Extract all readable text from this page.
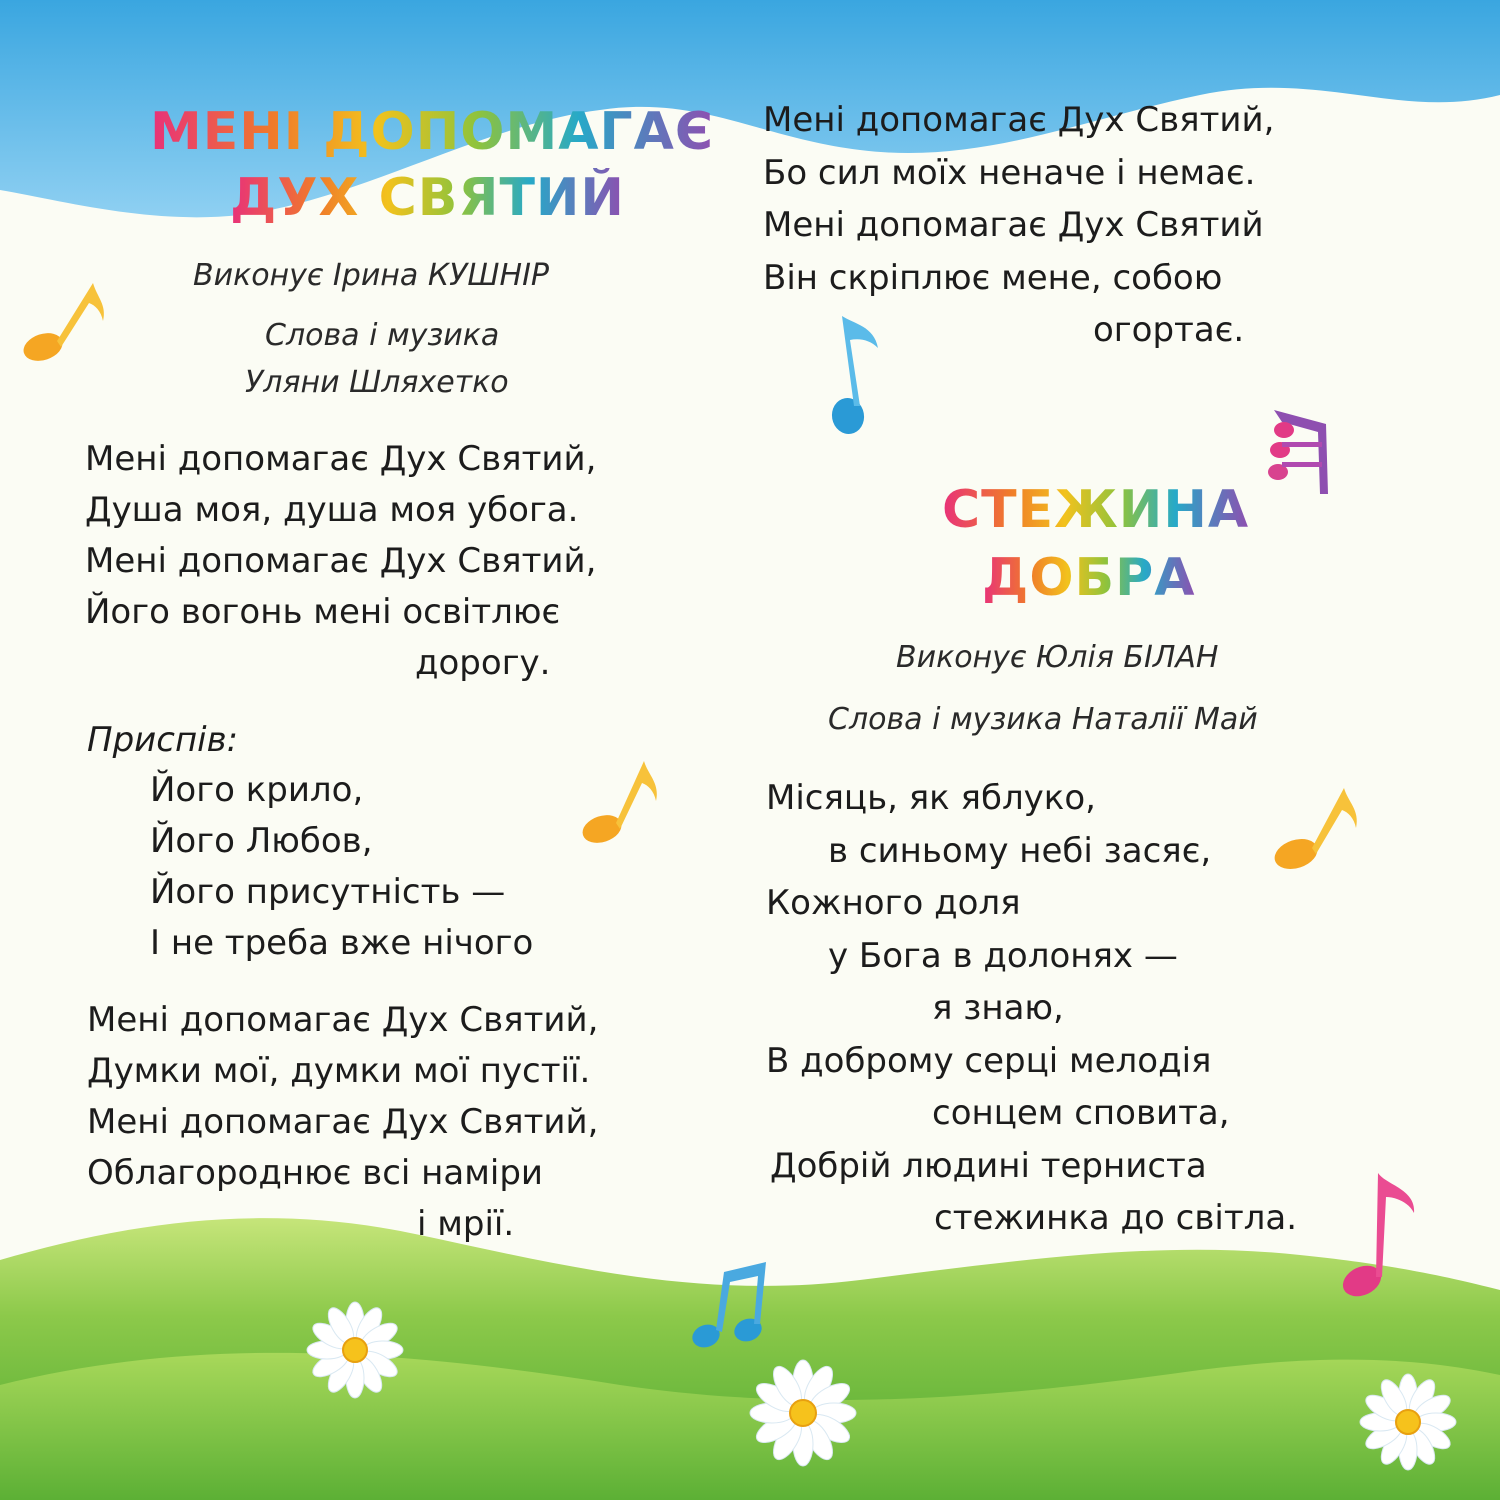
МЕНІ ДОПОМАГАЄ
ДУХ СВЯТИЙ
Виконує Ірина КУШНІР
Слова і музика
Уляни Шляхетко
Мені допомагає Дух Святий,
Душа моя, душа моя убога.
Мені допомагає Дух Святий,
Його вогонь мені освітлює
дорогу.
Приспів:
Його крило,
Його Любов,
Його присутність —
І не треба вже нічого
Мені допомагає Дух Святий,
Думки мої, думки мої пустії.
Мені допомагає Дух Святий,
Облагороднює всі наміри
і мрії.
Мені допомагає Дух Святий,
Бо сил моїх неначе і немає.
Мені допомагає Дух Святий
Він скріплює мене, собою
огортає.
СТЕЖИНА
ДОБРА
Виконує Юлія БІЛАН
Слова і музика Наталії Май
Місяць, як яблуко,
в синьому небі засяє,
Кожного доля
у Бога в долонях —
я знаю,
В доброму серці мелодія
сонцем сповита,
Добрій людині терниста
стежинка до світла.
